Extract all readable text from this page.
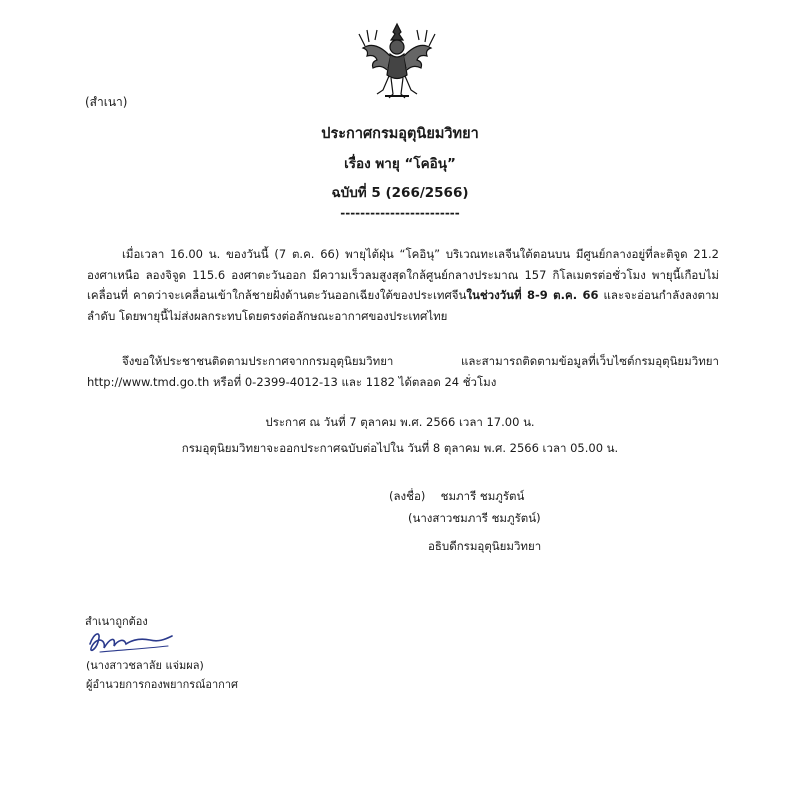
(สำเนา)
ประกาศกรมอุตุนิยมวิทยา
เรื่อง พายุ “โคอินุ”
ฉบับที่ 5 (266/2566)
------------------------
เมื่อเวลา 16.00 น. ของวันนี้ (7 ต.ค. 66) พายุไต้ฝุ่น “โคอินุ” บริเวณทะเลจีนใต้ตอนบน มีศูนย์กลางอยู่ที่ละติจูด 21.2 องศาเหนือ ลองจิจูด 115.6 องศาตะวันออก มีความเร็วลมสูงสุดใกล้ศูนย์กลางประมาณ 157 กิโลเมตรต่อชั่วโมง พายุนี้เกือบไม่เคลื่อนที่ คาดว่าจะเคลื่อนเข้าใกล้ชายฝั่งด้านตะวันออกเฉียงใต้ของประเทศจีนในช่วงวันที่ 8-9 ต.ค. 66 และจะอ่อนกำลังลงตามลำดับ โดยพายุนี้ไม่ส่งผลกระทบโดยตรงต่อลักษณะอากาศของประเทศไทย
จึงขอให้ประชาชนติดตามประกาศจากกรมอุตุนิยมวิทยา และสามารถติดตามข้อมูลที่เว็บไซต์กรมอุตุนิยมวิทยา http://www.tmd.go.th หรือที่ 0-2399-4012-13 และ 1182 ได้ตลอด 24 ชั่วโมง
ประกาศ ณ วันที่ 7 ตุลาคม พ.ศ. 2566 เวลา 17.00 น.
กรมอุตุนิยมวิทยาจะออกประกาศฉบับต่อไปใน วันที่ 8 ตุลาคม พ.ศ. 2566 เวลา 05.00 น.
(ลงชื่อ) ชมภารี ชมภูรัตน์
(นางสาวชมภารี ชมภูรัตน์)
อธิบดีกรมอุตุนิยมวิทยา
สำเนาถูกต้อง
(นางสาวชลาลัย แจ่มผล)
ผู้อำนวยการกองพยากรณ์อากาศ
